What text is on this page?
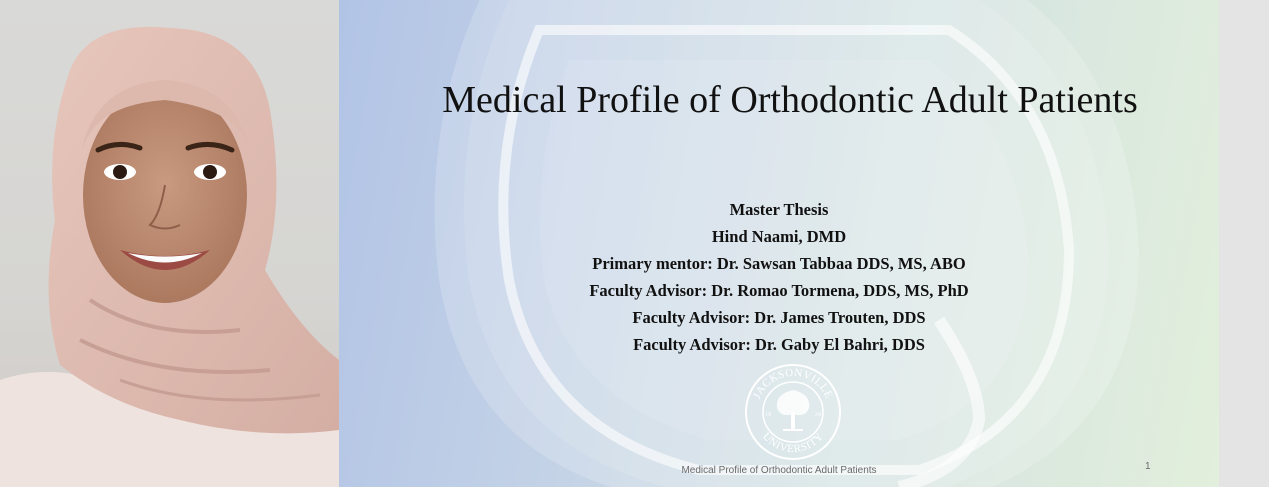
Medical Profile of Orthodontic Adult Patients
Master Thesis
Hind Naami, DMD
Primary mentor: Dr. Sawsan Tabbaa DDS, MS, ABO
Faculty Advisor: Dr. Romao Tormena, DDS, MS, PhD
Faculty Advisor: Dr. James Trouten, DDS
Faculty Advisor: Dr. Gaby El Bahri, DDS
JACKSONVILLE
UNIVERSITY
19	34
Medical Profile of Orthodontic Adult Patients	1
